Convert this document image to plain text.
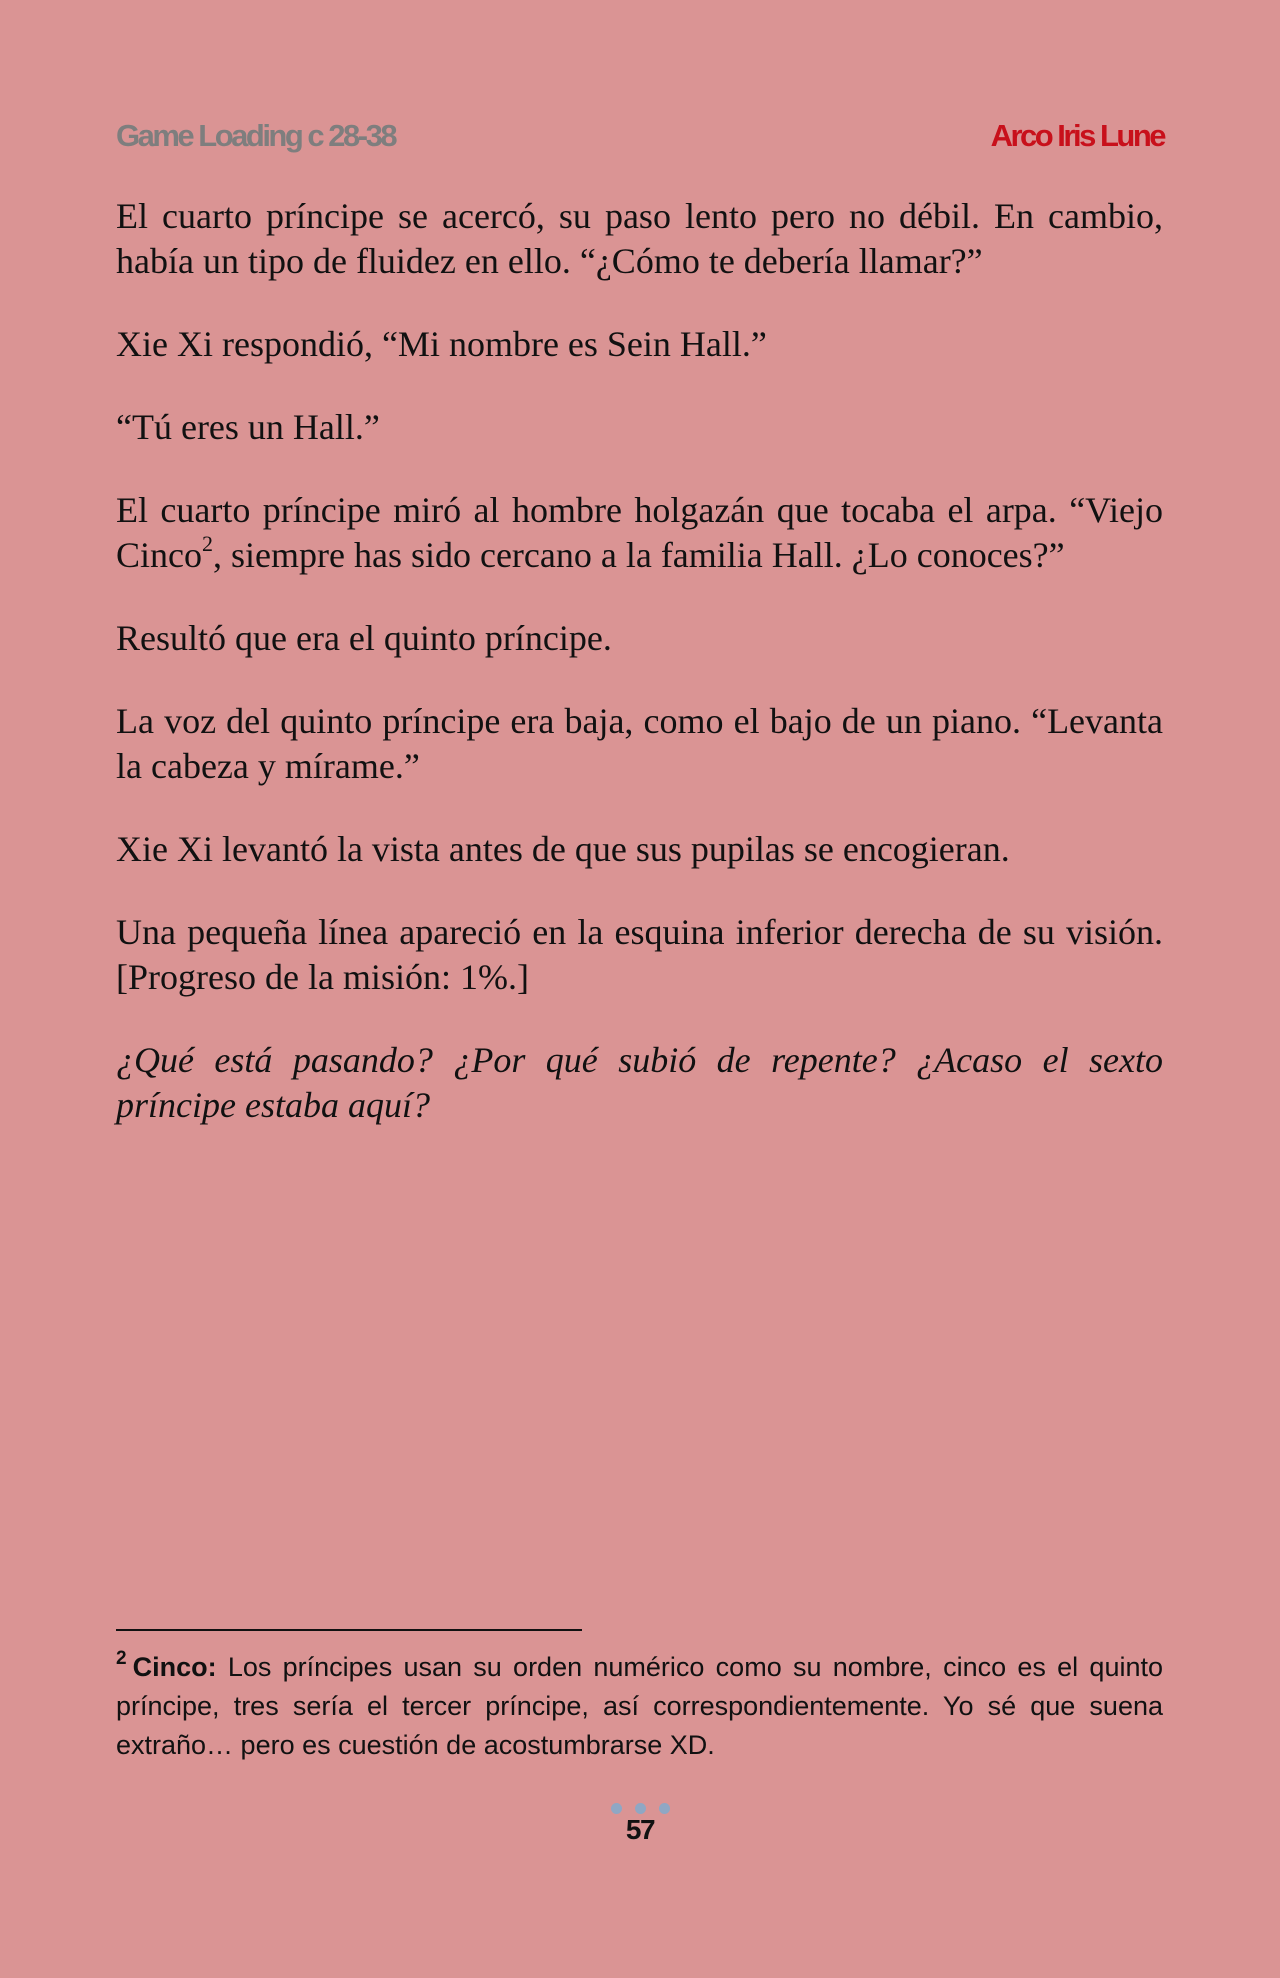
Game Loading c 28-38	Arco Iris Lune

El cuarto príncipe se acercó, su paso lento pero no débil. En cambio, había un tipo de fluidez en ello. “¿Cómo te debería llamar?”

Xie Xi respondió, “Mi nombre es Sein Hall.”

“Tú eres un Hall.”

El cuarto príncipe miró al hombre holgazán que tocaba el arpa. “Viejo Cinco$^2$, siempre has sido cercano a la familia Hall. ¿Lo conoces?”

Resultó que era el quinto príncipe.

La voz del quinto príncipe era baja, como el bajo de un piano. “Levanta la cabeza y mírame.”

Xie Xi levantó la vista antes de que sus pupilas se encogieran.

Una pequeña línea apareció en la esquina inferior derecha de su visión. [Progreso de la misión: 1%.]

¿Qué está pasando? ¿Por qué subió de repente? ¿Acaso el sexto príncipe estaba aquí?

$^2$ Cinco: Los príncipes usan su orden numérico como su nombre, cinco es el quinto príncipe, tres sería el tercer príncipe, así correspondientemente. Yo sé que suena extraño… pero es cuestión de acostumbrarse XD.
57
